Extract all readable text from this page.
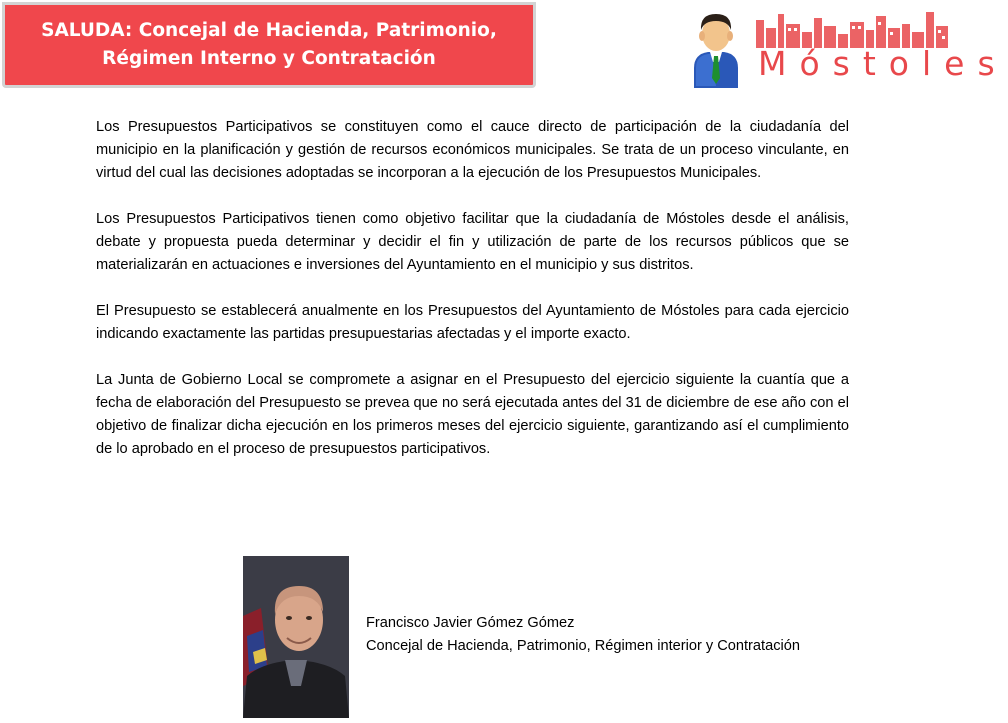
SALUDA: Concejal de Hacienda, Patrimonio,
Régimen Interno y Contratación	Móstoles

Los Presupuestos Participativos se constituyen como el cauce directo de participación de la ciudadanía del municipio en la planificación y gestión de recursos económicos municipales. Se trata de un proceso vinculante, en virtud del cual las decisiones adoptadas se incorporan a la ejecución de los Presupuestos Municipales.

Los Presupuestos Participativos tienen como objetivo facilitar que la ciudadanía de Móstoles desde el análisis, debate y propuesta pueda determinar y decidir el fin y utilización de parte de los recursos públicos que se materializarán en actuaciones e inversiones del Ayuntamiento en el municipio y sus distritos.

El Presupuesto se establecerá anualmente en los Presupuestos del Ayuntamiento de Móstoles para cada ejercicio indicando exactamente las partidas presupuestarias afectadas y el importe exacto.

La Junta de Gobierno Local se compromete a asignar en el Presupuesto del ejercicio siguiente la cuantía que a fecha de elaboración del Presupuesto se prevea que no será ejecutada antes del 31 de diciembre de ese año con el objetivo de finalizar dicha ejecución en los primeros meses del ejercicio siguiente, garantizando así el cumplimiento de lo aprobado en el proceso de presupuestos participativos.

Francisco Javier Gómez Gómez
Concejal de Hacienda, Patrimonio, Régimen interior y Contratación
